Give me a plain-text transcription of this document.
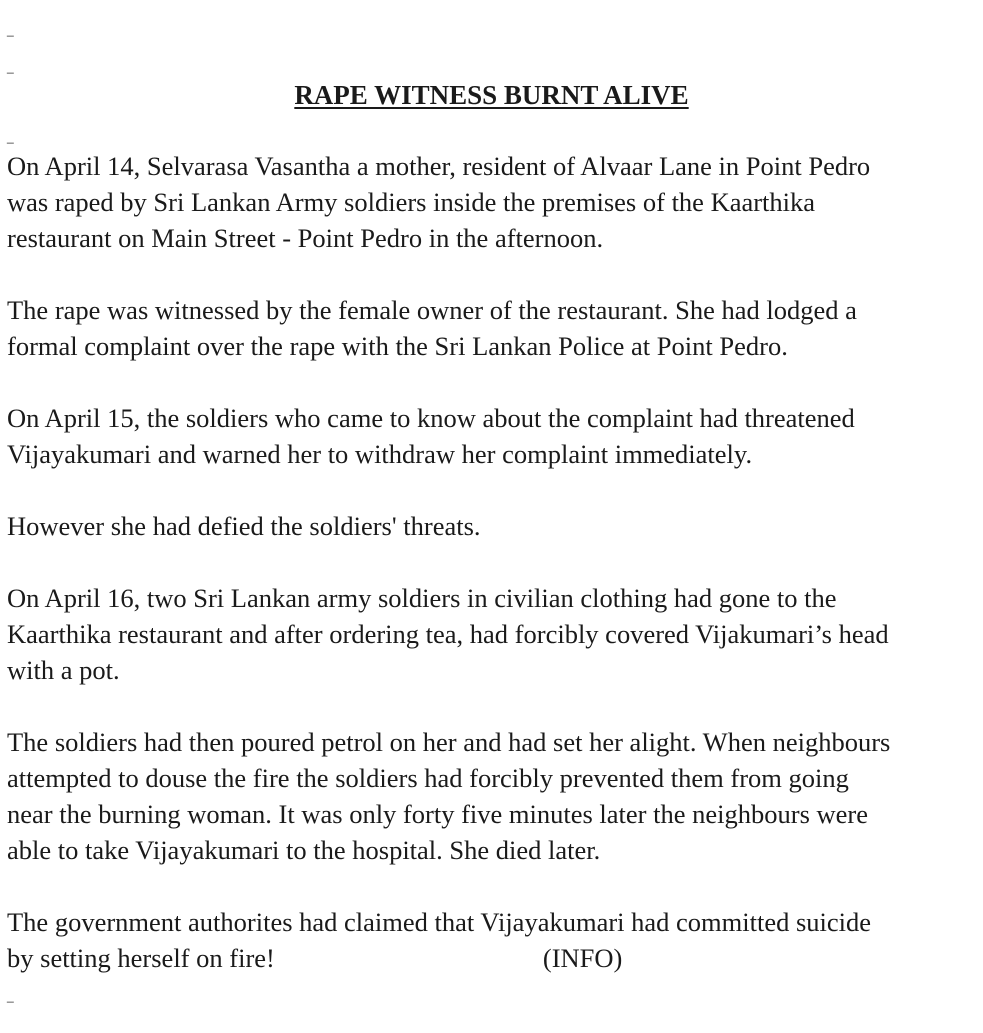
_
_
_
_
RAPE WITNESS BURNT ALIVE

On April 14, Selvarasa Vasantha a mother, resident of Alvaar Lane in Point Pedro
was raped by Sri Lankan Army soldiers inside the premises of the Kaarthika
restaurant on Main Street - Point Pedro in the afternoon.

The rape was witnessed by the female owner of the restaurant. She had lodged a
formal complaint over the rape with the Sri Lankan Police at Point Pedro.

On April 15, the soldiers who came to know about the complaint had threatened
Vijayakumari and warned her to withdraw her complaint immediately.

However she had defied the soldiers' threats.

On April 16, two Sri Lankan army soldiers in civilian clothing had gone to the
Kaarthika restaurant and after ordering tea, had forcibly covered Vijakumari’s head
with a pot.

The soldiers had then poured petrol on her and had set her alight. When neighbours
attempted to douse the fire the soldiers had forcibly prevented them from going
near the burning woman. It was only forty five minutes later the neighbours were
able to take Vijayakumari to the hospital. She died later.

The government authorites had claimed that Vijayakumari had committed suicide
by setting herself on fire!	(INFO)
